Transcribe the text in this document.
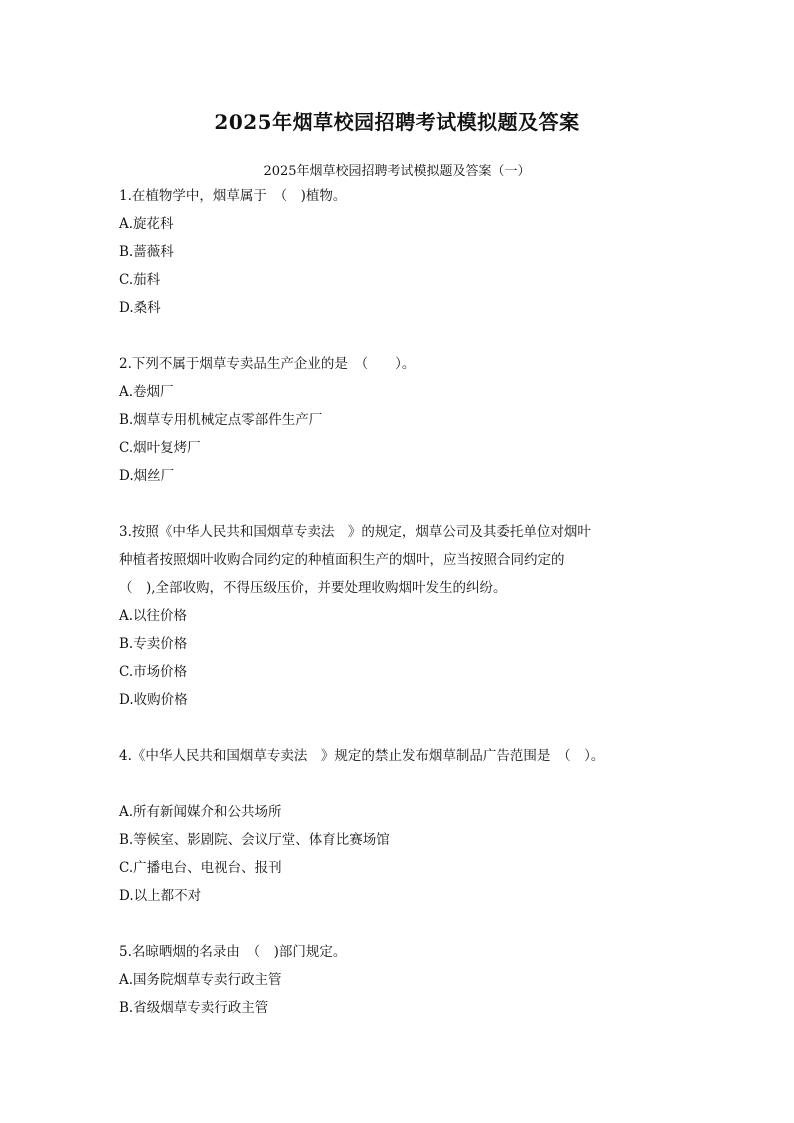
2025年烟草校园招聘考试模拟题及答案
2025年烟草校园招聘考试模拟题及答案（一）
1.在植物学中，烟草属于　（　)植物。
A.旋花科
B.蔷薇科
C.茄科
D.桑科
2.下列不属于烟草专卖品生产企业的是　（　　）。
A.卷烟厂
B.烟草专用机械定点零部件生产厂
C.烟叶复烤厂
D.烟丝厂
3.按照《中华人民共和国烟草专卖法　》的规定，烟草公司及其委托单位对烟叶
种植者按照烟叶收购合同约定的种植面积生产的烟叶，应当按照合同约定的
（　),全部收购，不得压级压价，并要处理收购烟叶发生的纠纷。
A.以往价格
B.专卖价格
C.市场价格
D.收购价格
4.《中华人民共和国烟草专卖法　》规定的禁止发布烟草制品广告范围是　（　）。
A.所有新闻媒介和公共场所
B.等候室、影剧院、会议厅堂、体育比赛场馆
C.广播电台、电视台、报刊
D.以上都不对
5.名晾晒烟的名录由　（　)部门规定。
A.国务院烟草专卖行政主管
B.省级烟草专卖行政主管
